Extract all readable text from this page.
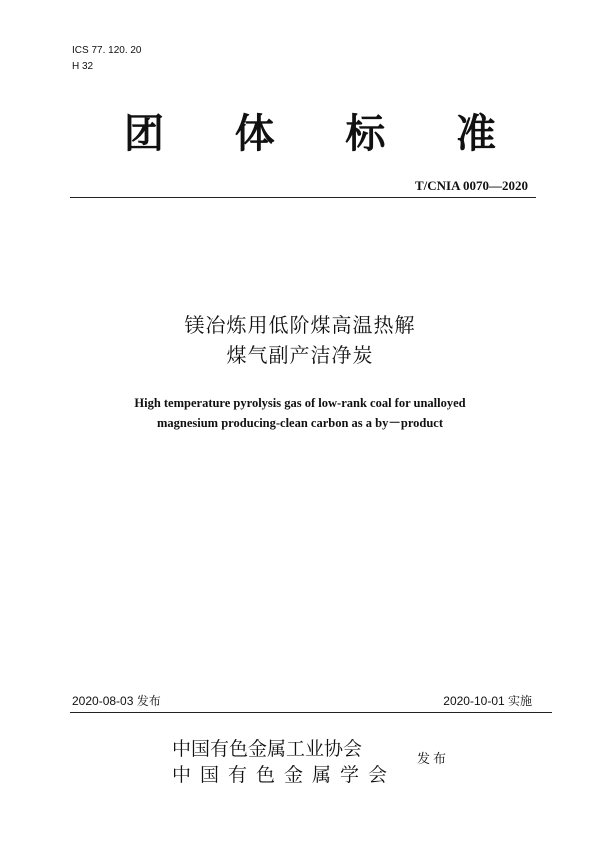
ICS 77. 120. 20
H 32
团 体 标 准
T/CNIA 0070—2020
镁冶炼用低阶煤高温热解
煤气副产洁净炭
High temperature pyrolysis gas of low-rank coal for unalloyed
magnesium producing-clean carbon as a by－product
2020-08-03 发布	2020-10-01 实施
中国有色金属工业协会
中国有色金属学会
发布
